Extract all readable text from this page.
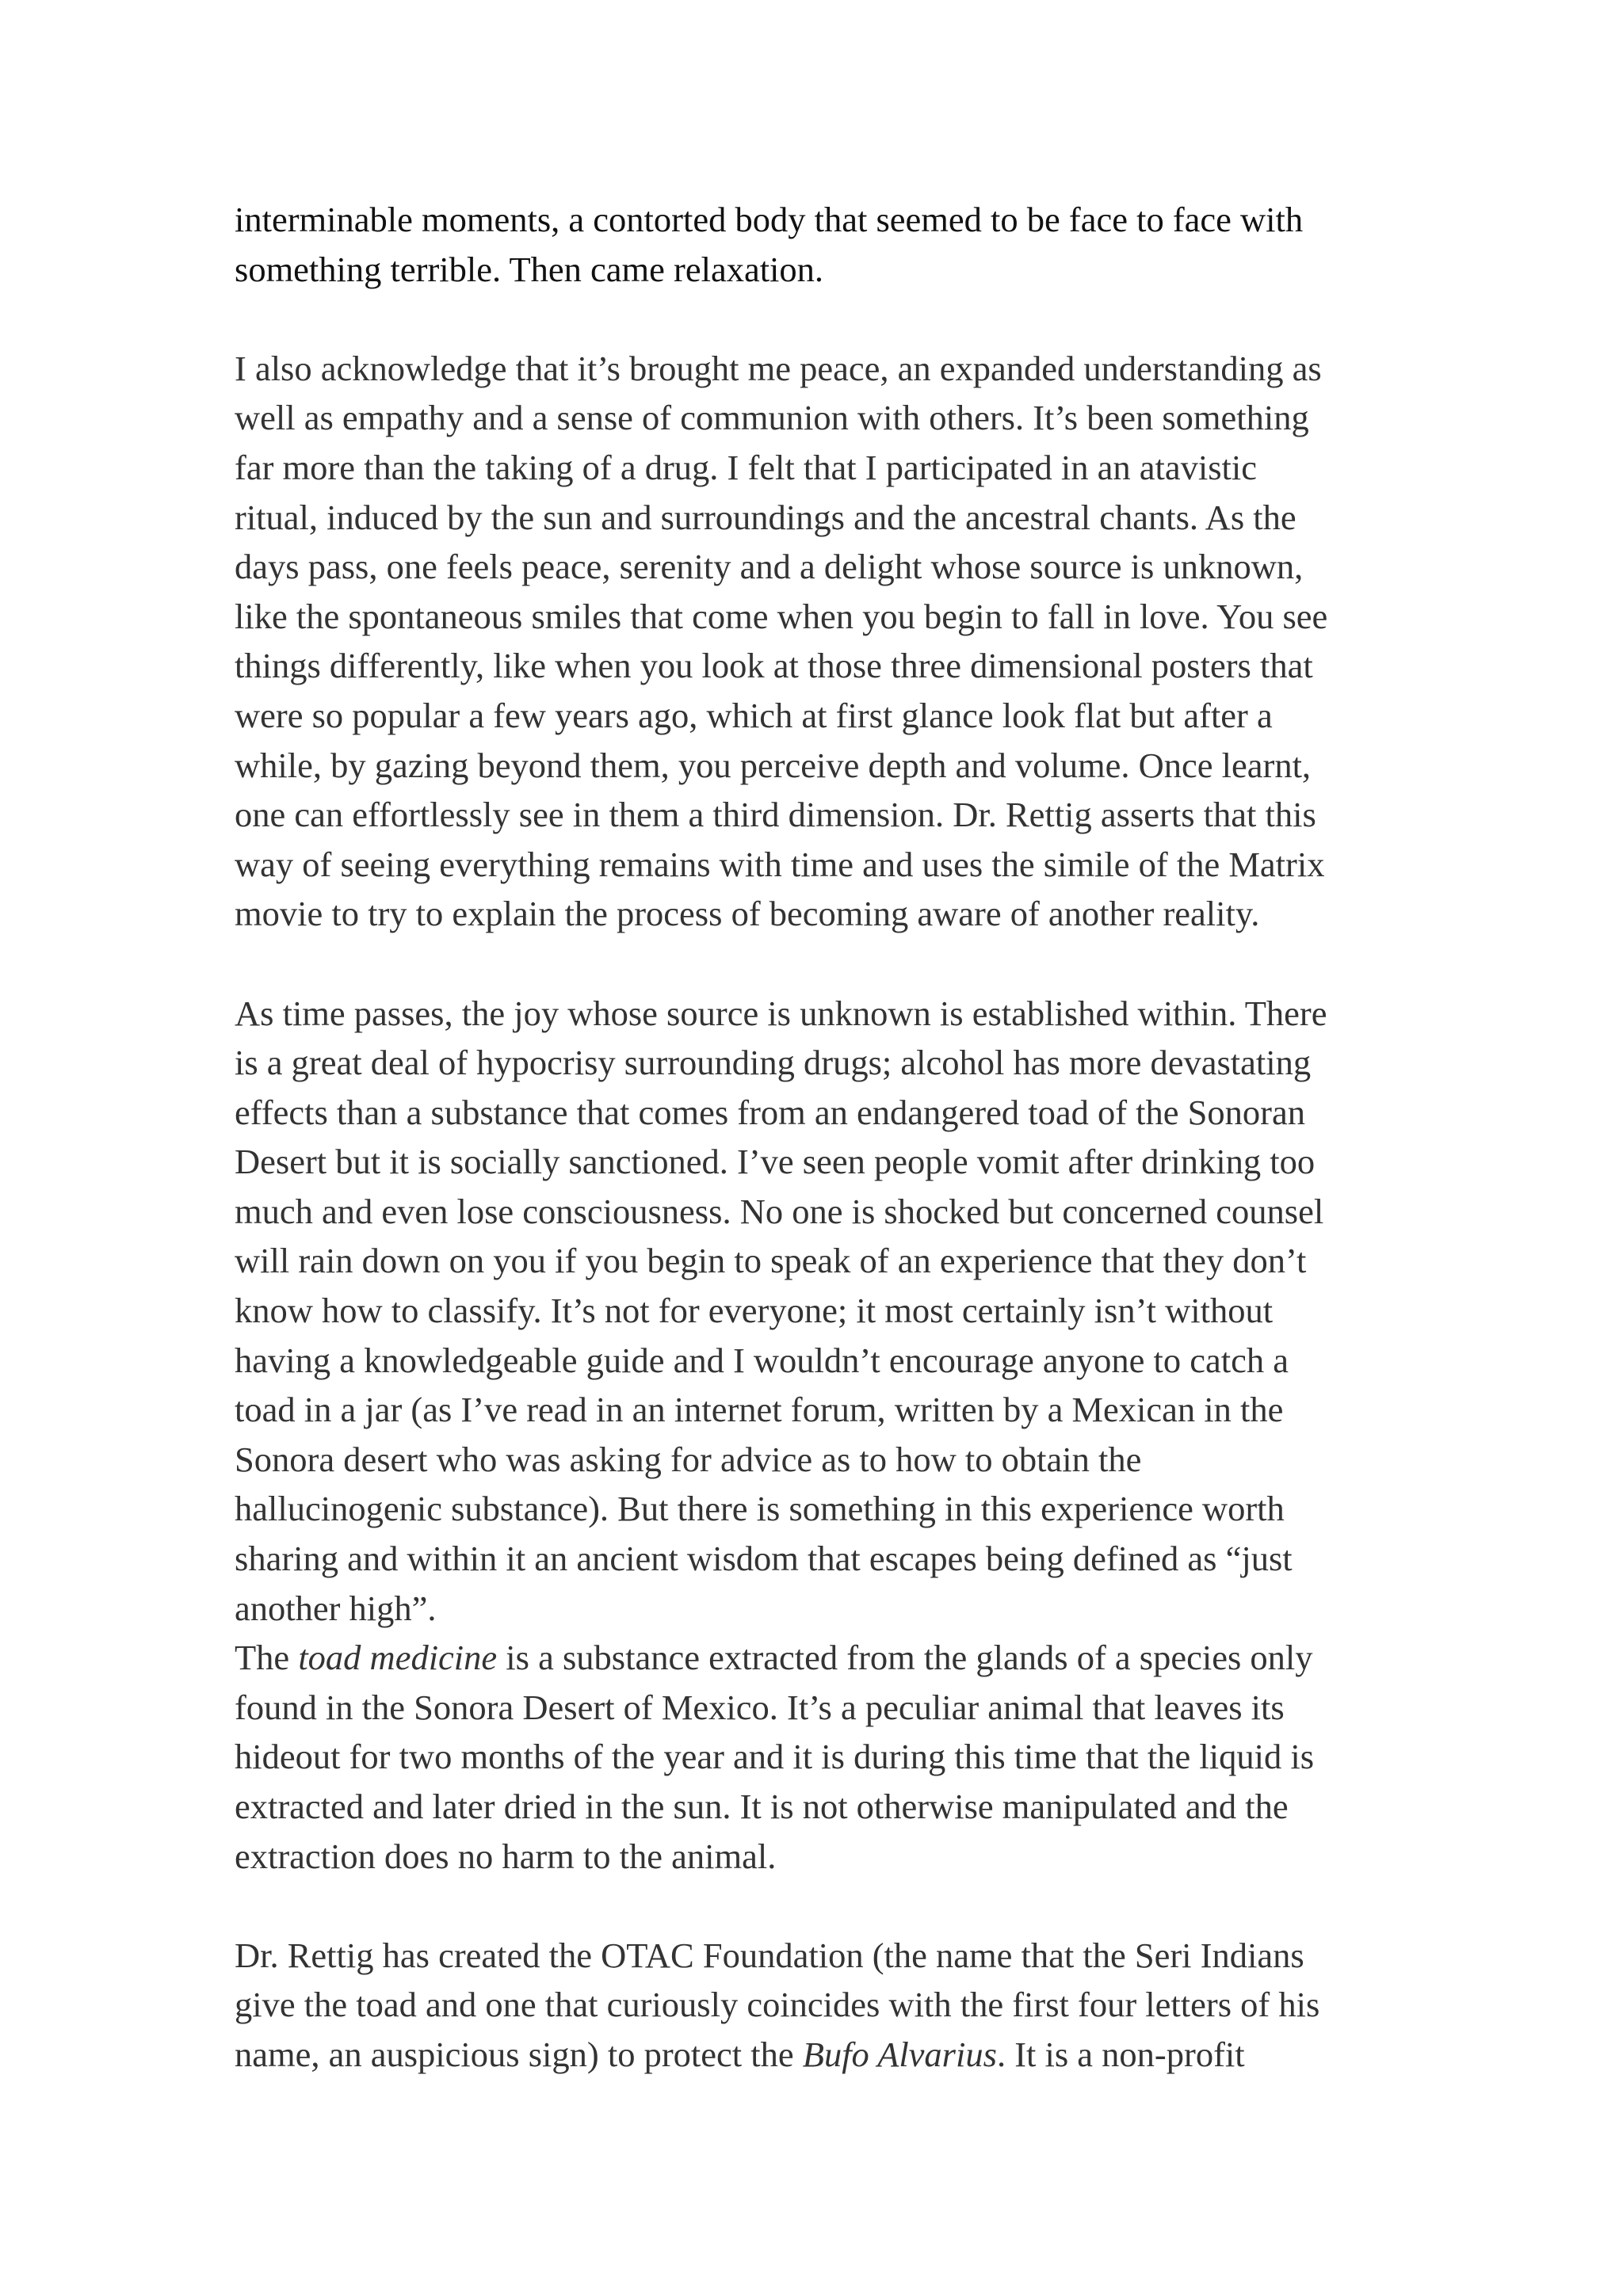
interminable moments, a contorted body that seemed to be face to face with
something terrible. Then came relaxation.

I also acknowledge that it’s brought me peace, an expanded understanding as
well as empathy and a sense of communion with others. It’s been something
far more than the taking of a drug. I felt that I participated in an atavistic
ritual, induced by the sun and surroundings and the ancestral chants. As the
days pass, one feels peace, serenity and a delight whose source is unknown,
like the spontaneous smiles that come when you begin to fall in love. You see
things differently, like when you look at those three dimensional posters that
were so popular a few years ago, which at first glance look flat but after a
while, by gazing beyond them, you perceive depth and volume. Once learnt,
one can effortlessly see in them a third dimension. Dr. Rettig asserts that this
way of seeing everything remains with time and uses the simile of the Matrix
movie to try to explain the process of becoming aware of another reality.

As time passes, the joy whose source is unknown is established within. There
is a great deal of hypocrisy surrounding drugs; alcohol has more devastating
effects than a substance that comes from an endangered toad of the Sonoran
Desert but it is socially sanctioned. I’ve seen people vomit after drinking too
much and even lose consciousness. No one is shocked but concerned counsel
will rain down on you if you begin to speak of an experience that they don’t
know how to classify. It’s not for everyone; it most certainly isn’t without
having a knowledgeable guide and I wouldn’t encourage anyone to catch a
toad in a jar (as I’ve read in an internet forum, written by a Mexican in the
Sonora desert who was asking for advice as to how to obtain the
hallucinogenic substance). But there is something in this experience worth
sharing and within it an ancient wisdom that escapes being defined as “just
another high”.

The toad medicine is a substance extracted from the glands of a species only
found in the Sonora Desert of Mexico. It’s a peculiar animal that leaves its
hideout for two months of the year and it is during this time that the liquid is
extracted and later dried in the sun. It is not otherwise manipulated and the
extraction does no harm to the animal.

Dr. Rettig has created the OTAC Foundation (the name that the Seri Indians
give the toad and one that curiously coincides with the first four letters of his
name, an auspicious sign) to protect the Bufo Alvarius. It is a non-profit
